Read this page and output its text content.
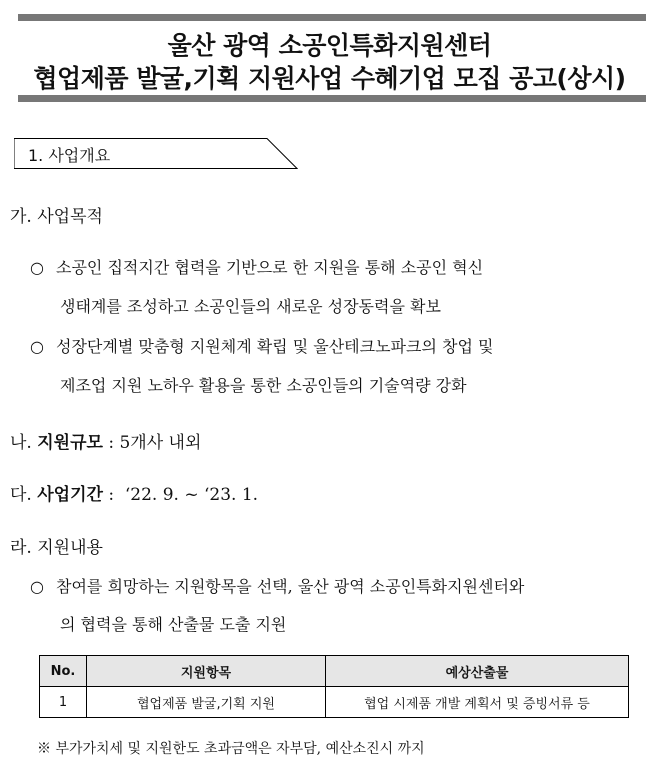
울산 광역 소공인특화지원센터
협업제품 발굴,기획 지원사업 수혜기업 모집 공고(상시)
1. 사업개요
가. 사업목적
○ 소공인 집적지간 협력을 기반으로 한 지원을 통해 소공인 혁신
생태계를 조성하고 소공인들의 새로운 성장동력을 확보
○ 성장단계별 맞춤형 지원체계 확립 및 울산테크노파크의 창업 및
제조업 지원 노하우 활용을 통한 소공인들의 기술역량 강화
나. 지원규모 : 5개사 내외
다. 사업기간 :  ‘22. 9. ~ ‘23. 1.
라. 지원내용
○ 참여를 희망하는 지원항목을 선택, 울산 광역 소공인특화지원센터와
의 협력을 통해 산출물 도출 지원
No.	지원항목	예상산출물
1	협업제품 발굴,기획 지원	협업 시제품 개발 계획서 및 증빙서류 등
※ 부가가치세 및 지원한도 초과금액은 자부담, 예산소진시 까지
